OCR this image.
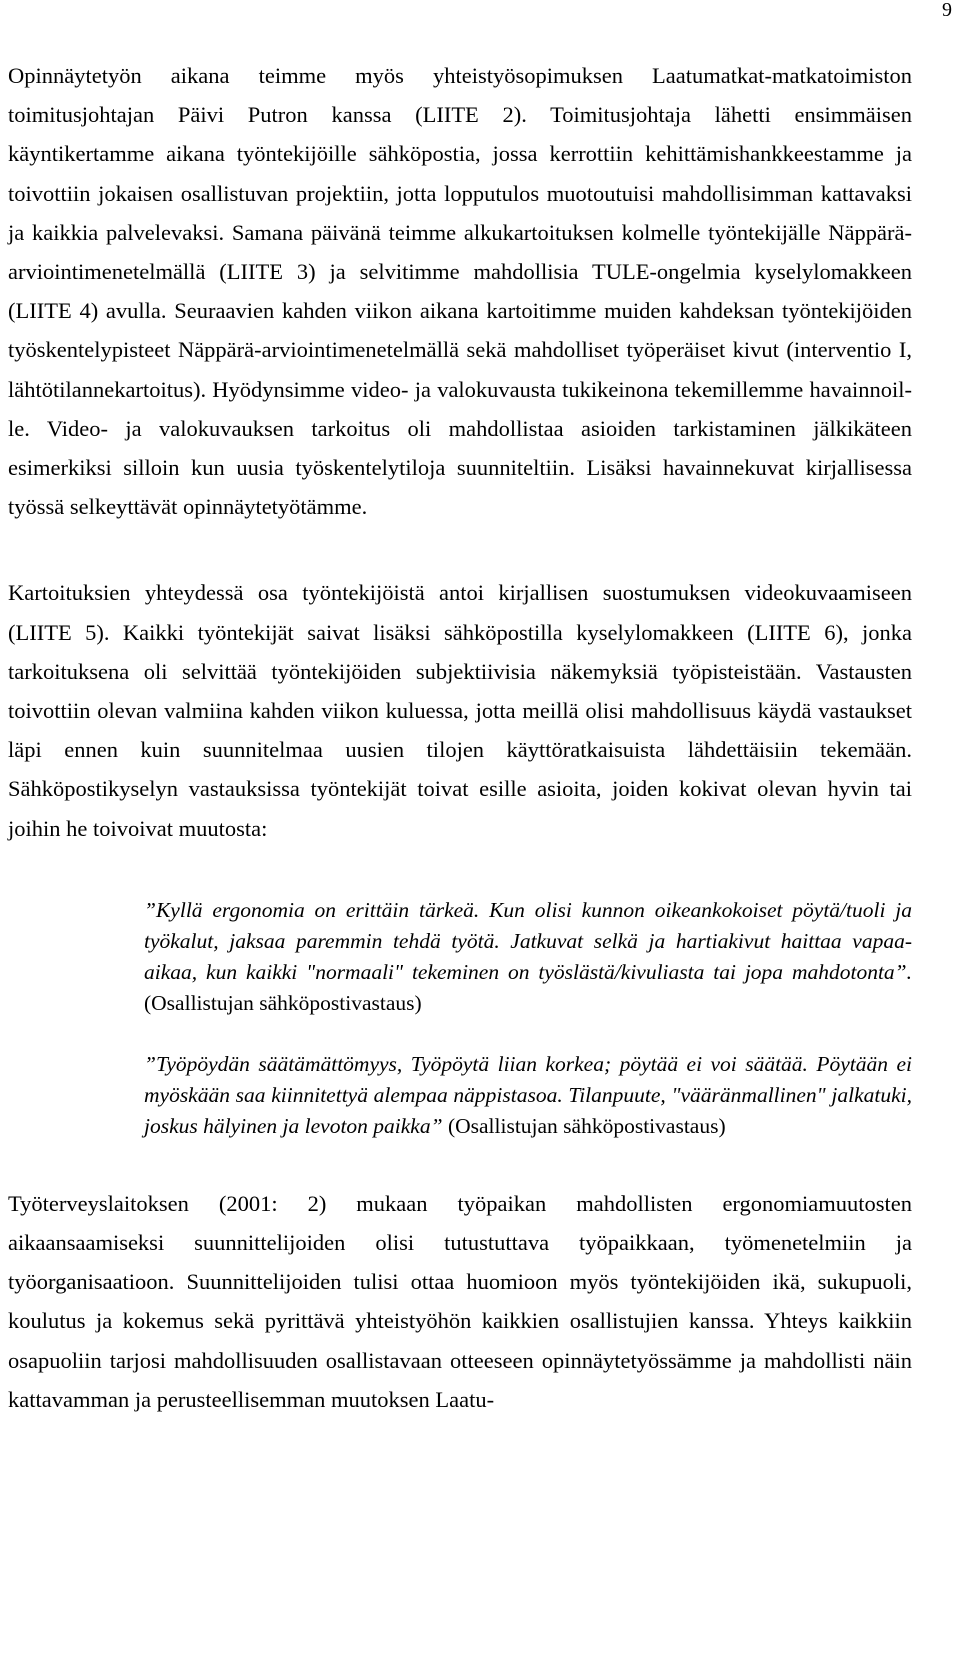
9

Opinnäytetyön aikana teimme myös yhteistyösopimuksen Laatumatkat-matkatoimiston toimitusjohtajan Päivi Putron kanssa (LIITE 2). Toimitusjohtaja lähetti ensimmäisen käyntikertamme aikana työntekijöille sähköpostia, jossa kerrottiin kehittämishankkeestamme ja toivottiin jokaisen osallistuvan projektiin, jotta lopputulos muotoutuisi mahdollisimman kattavaksi ja kaikkia palvelevaksi. Samana päivänä teimme alkukartoituksen kolmelle työntekijälle Näppärä-arviointimenetelmällä (LIITE 3) ja selvitimme mahdollisia TULE-ongelmia kyselylomakkeen (LIITE 4) avulla. Seuraavien kahden viikon aikana kartoitimme muiden kahdeksan työntekijöiden työskentelypisteet Näppärä-arviointimenetelmällä sekä mahdolliset työperäiset kivut (interventio I, lähtötilannekartoitus). Hyödynsimme video- ja valokuvausta tukikeinona tekemillemme havainnoille. Video- ja valokuvauksen tarkoitus oli mahdollistaa asioiden tarkistaminen jälkikäteen esimerkiksi silloin kun uusia työskentelytiloja suunniteltiin. Lisäksi havainnekuvat kirjallisessa työssä selkeyttävät opinnäytetyötämme.

Kartoituksien yhteydessä osa työntekijöistä antoi kirjallisen suostumuksen videokuvaamiseen (LIITE 5). Kaikki työntekijät saivat lisäksi sähköpostilla kyselylomakkeen (LIITE 6), jonka tarkoituksena oli selvittää työntekijöiden subjektiivisia näkemyksiä työpisteistään. Vastausten toivottiin olevan valmiina kahden viikon kuluessa, jotta meillä olisi mahdollisuus käydä vastaukset läpi ennen kuin suunnitelmaa uusien tilojen käyttöratkaisuista lähdettäisiin tekemään. Sähköpostikyselyn vastauksissa työntekijät toivat esille asioita, joiden kokivat olevan hyvin tai joihin he toivoivat muutosta:

”Kyllä ergonomia on erittäin tärkeä. Kun olisi kunnon oikeankokoiset pöytä/tuoli ja työkalut, jaksaa paremmin tehdä työtä. Jatkuvat selkä ja hartiakivut haittaa vapaa-aikaa, kun kaikki "normaali" tekeminen on työslästä/kivuliasta tai jopa mahdotonta”. (Osallistujan sähköpostivastaus)

”Työpöydän säätämättömyys, Työpöytä liian korkea; pöytää ei voi säätää. Pöytään ei myöskään saa kiinnitettyä alempaa näppistasoa. Tilanpuute, "vääränmallinen" jalkatuki, joskus hälyinen ja levoton paikka” (Osallistujan sähköpostivastaus)

Työterveyslaitoksen (2001: 2) mukaan työpaikan mahdollisten ergonomiamuutosten aikaansaamiseksi suunnittelijoiden olisi tutustuttava työpaikkaan, työmenetelmiin ja työorganisaatioon. Suunnittelijoiden tulisi ottaa huomioon myös työntekijöiden ikä, sukupuoli, koulutus ja kokemus sekä pyrittävä yhteistyöhön kaikkien osallistujien kanssa. Yhteys kaikkiin osapuoliin tarjosi mahdollisuuden osallistavaan otteeseen opinnäytetyössämme ja mahdollisti näin kattavamman ja perusteellisemman muutoksen Laatu-
